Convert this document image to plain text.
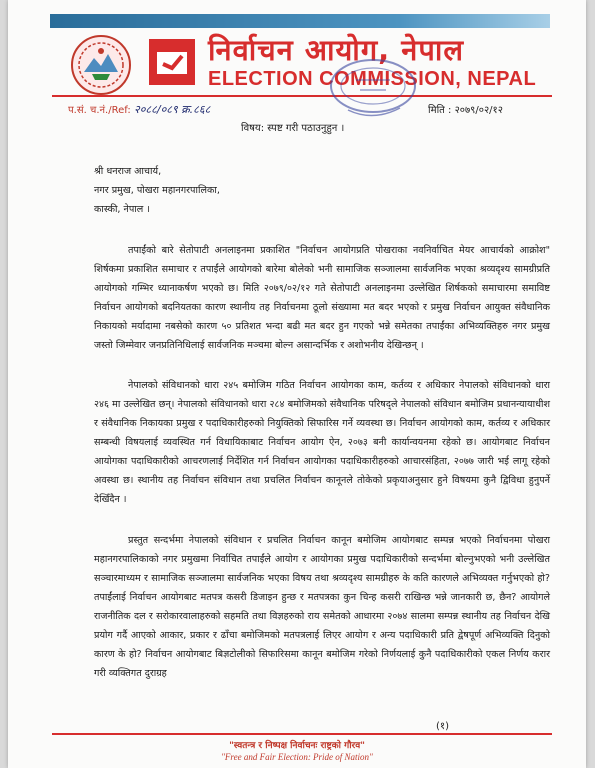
निर्वाचन आयोग, नेपाल
ELECTION COMMISSION, NEPAL
प.सं. च.नं./Ref: २०८८/०८९ क्र.८६८	मिति : २०७९/०२/१२
विषय: स्पष्ट गरी पठाउनुहुन ।
श्री धनराज आचार्य,
नगर प्रमुख, पोखरा महानगरपालिका,
कास्की, नेपाल ।

तपाईंको बारे सेतोपाटी अनलाइनमा प्रकाशित "निर्वाचन आयोगप्रति पोखराका नवनिर्वाचित मेयर आचार्यको आक्रोश" शिर्षकमा प्रकाशित समाचार र तपाईंले आयोगको बारेमा बोलेको भनी सामाजिक सञ्जालमा सार्वजनिक भएका श्रव्यदृश्य सामग्रीप्रति आयोगको गम्भिर ध्यानाकर्षण भएको छ। मिति २०७९/०२/१२ गते सेतोपाटी अनलाइनमा उल्लेखित शिर्षकको समाचारमा समाविष्ट निर्वाचन आयोगको बदनियतका कारण स्थानीय तह निर्वाचनमा ठूलो संख्यामा मत बदर भएको र प्रमुख निर्वाचन आयुक्त संवैधानिक निकायको मर्यादामा नबसेको कारण ५० प्रतिशत भन्दा बढी मत बदर हुन गएको भन्ने समेतका तपाईंका अभिव्यक्तिहरु नगर प्रमुख जस्तो जिम्मेवार जनप्रतिनिधिलाई सार्वजनिक मञ्चमा बोल्न असान्दर्भिक र अशोभनीय देखिन्छन् ।

नेपालको संविधानको धारा २४५ बमोजिम गठित निर्वाचन आयोगका काम, कर्तव्य र अधिकार नेपालको संविधानको धारा २४६ मा उल्लेखित छन्। नेपालको संविधानको धारा २८४ बमोजिमको संवैधानिक परिषद्ले नेपालको संविधान बमोजिम प्रधानन्यायाधीश र संवैधानिक निकायका प्रमुख र पदाधिकारीहरुको नियुक्तिको सिफारिस गर्ने व्यवस्था छ। निर्वाचन आयोगको काम, कर्तव्य र अधिकार सम्बन्धी विषयलाई व्यवस्थित गर्न विधायिकाबाट निर्वाचन आयोग ऐन, २०७३ बनी कार्यान्वयनमा रहेको छ। आयोगबाट निर्वाचन आयोगका पदाधिकारीको आचरणलाई निर्देशित गर्न निर्वाचन आयोगका पदाधिकारीहरुको आचारसंहिता, २०७७ जारी भई लागू रहेको अवस्था छ। स्थानीय तह निर्वाचन संविधान तथा प्रचलित निर्वाचन कानूनले तोकेको प्रकृयाअनुसार हुने विषयमा कुनै द्विविधा हुनुपर्ने देखिँदैन ।

प्रस्तुत सन्दर्भमा नेपालको संविधान र प्रचलित निर्वाचन कानून बमोजिम आयोगबाट सम्पन्न भएको निर्वाचनमा पोखरा महानगरपालिकाको नगर प्रमुखमा निर्वाचित तपाईंले आयोग र आयोगका प्रमुख पदाधिकारीको सन्दर्भमा बोल्नुभएको भनी उल्लेखित सञ्चारमाध्यम र सामाजिक सञ्जालमा सार्वजनिक भएका विषय तथा श्रव्यदृश्य सामग्रीहरु के कति कारणले अभिव्यक्त गर्नुभएको हो? तपाईंलाई निर्वाचन आयोगबाट मतपत्र कसरी डिजाइन हुन्छ र मतपत्रका कुन चिन्ह कसरी राखिन्छ भन्ने जानकारी छ, छैन? आयोगले राजनीतिक दल र सरोकारवालाहरुको सहमति तथा विज्ञहरुको राय समेतको आधारमा २०७४ सालमा सम्पन्न स्थानीय तह निर्वाचन देखि प्रयोग गर्दै आएको आकार, प्रकार र ढाँचा बमोजिमको मतपत्रलाई लिएर आयोग र अन्य पदाधिकारी प्रति द्वेषपूर्ण अभिव्यक्ति दिनुको कारण के हो? निर्वाचन आयोगबाट बिज्ञटोलीको सिफारिसमा कानून बमोजिम गरेको निर्णयलाई कुनै पदाधिकारीको एकल निर्णय करार गरी व्यक्तिगत दुराग्रह

(१)
"स्वतन्त्र र निष्पक्ष निर्वाचनः राष्ट्रको गौरव"
"Free and Fair Election: Pride of Nation"
